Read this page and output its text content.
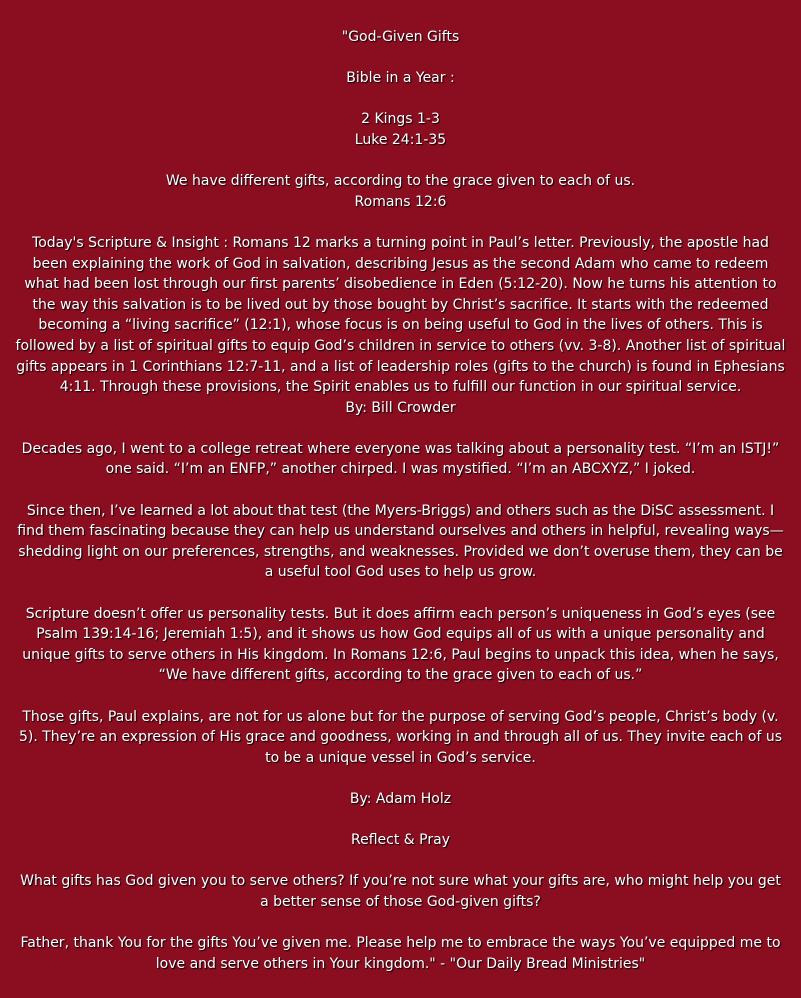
"God-Given Gifts

Bible in a Year :

2 Kings 1-3

Luke 24:1-35

We have different gifts, according to the grace given to each of us.

Romans 12:6

Today's Scripture & Insight : Romans 12 marks a turning point in Paul’s letter. Previously, the apostle had been explaining the work of God in salvation, describing Jesus as the second Adam who came to redeem what had been lost through our first parents’ disobedience in Eden (5:12-20). Now he turns his attention to the way this salvation is to be lived out by those bought by Christ’s sacrifice. It starts with the redeemed becoming a “living sacrifice” (12:1), whose focus is on being useful to God in the lives of others. This is followed by a list of spiritual gifts to equip God’s children in service to others (vv. 3-8). Another list of spiritual gifts appears in 1 Corinthians 12:7-11, and a list of leadership roles (gifts to the church) is found in Ephesians 4:11. Through these provisions, the Spirit enables us to fulfill our function in our spiritual service.

By: Bill Crowder

Decades ago, I went to a college retreat where everyone was talking about a personality test. “I’m an ISTJ!” one said. “I’m an ENFP,” another chirped. I was mystified. “I’m an ABCXYZ,” I joked.

Since then, I’ve learned a lot about that test (the Myers-Briggs) and others such as the DiSC assessment. I find them fascinating because they can help us understand ourselves and others in helpful, revealing ways—shedding light on our preferences, strengths, and weaknesses. Provided we don’t overuse them, they can be a useful tool God uses to help us grow.

Scripture doesn’t offer us personality tests. But it does affirm each person’s uniqueness in God’s eyes (see Psalm 139:14-16; Jeremiah 1:5), and it shows us how God equips all of us with a unique personality and unique gifts to serve others in His kingdom. In Romans 12:6, Paul begins to unpack this idea, when he says, “We have different gifts, according to the grace given to each of us.”

Those gifts, Paul explains, are not for us alone but for the purpose of serving God’s people, Christ’s body (v. 5). They’re an expression of His grace and goodness, working in and through all of us. They invite each of us to be a unique vessel in God’s service.

By: Adam Holz

Reflect & Pray

What gifts has God given you to serve others? If you’re not sure what your gifts are, who might help you get a better sense of those God-given gifts?

Father, thank You for the gifts You’ve given me. Please help me to embrace the ways You’ve equipped me to love and serve others in Your kingdom." - "Our Daily Bread Ministries"
